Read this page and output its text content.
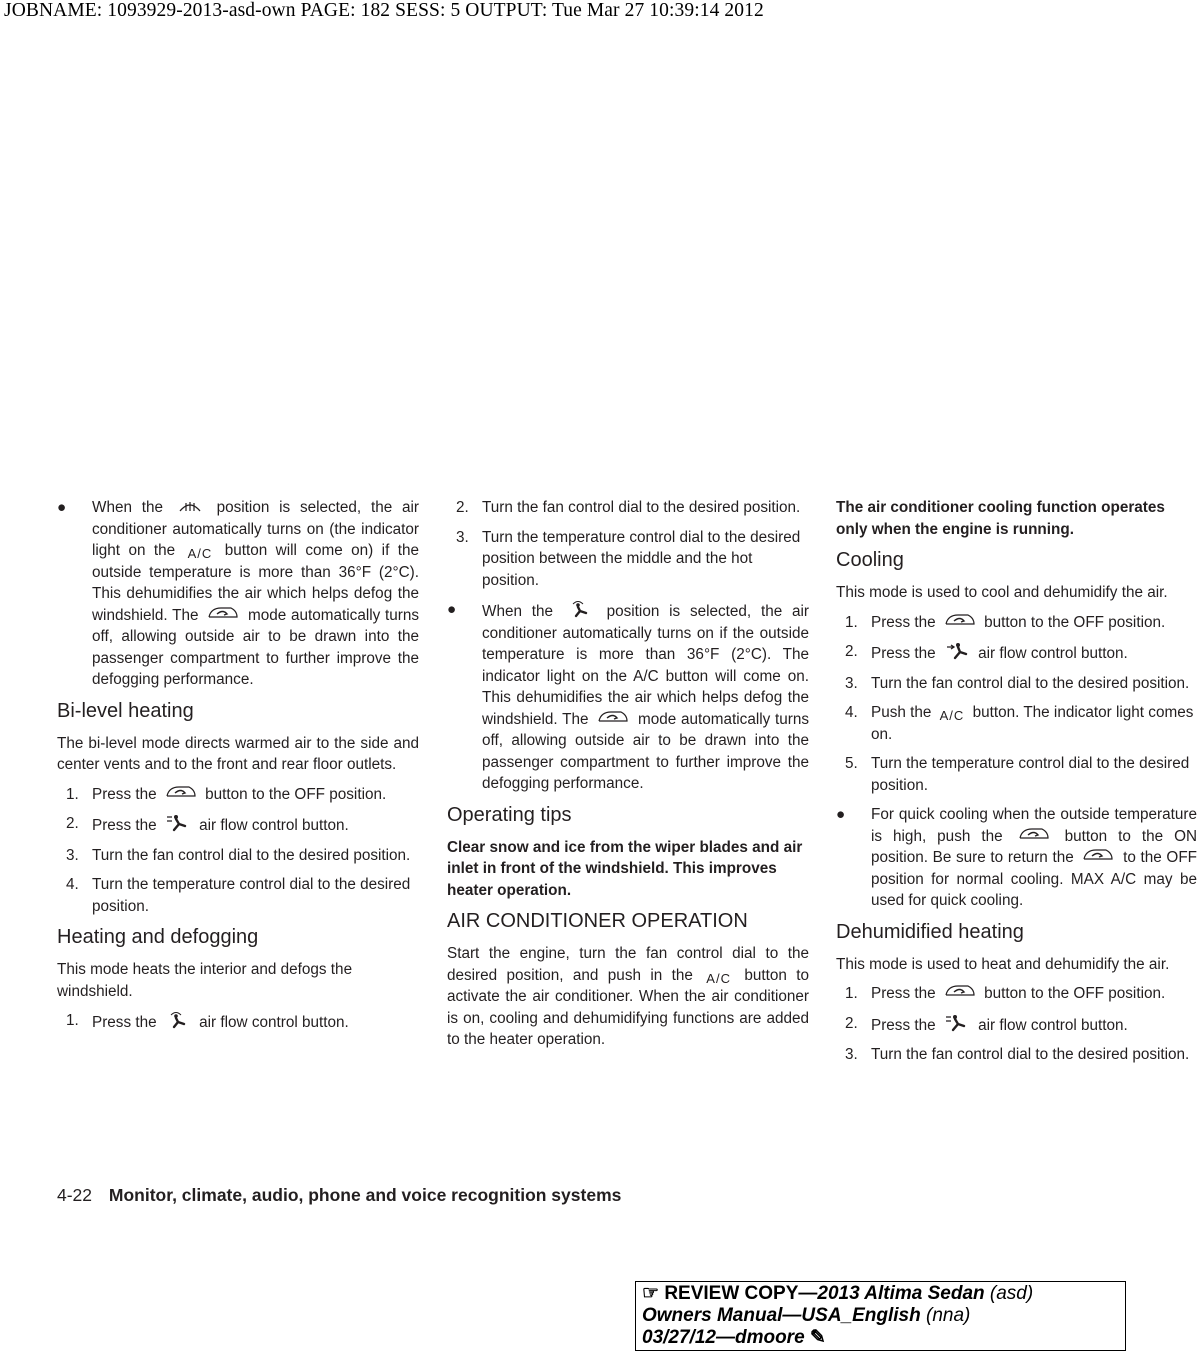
JOBNAME: 1093929-2013-asd-own PAGE: 182 SESS: 5 OUTPUT: Tue Mar 27 10:39:14 2012
● When the	position is selected, the air conditioner automatically turns on (the indicator light on the A/C button will come on) if the outside temperature is more than 36°F (2°C). This dehumidifies the air which helps defog the windshield. The	mode automatically turns off, allowing outside air to be drawn into the passenger compartment to further improve the defogging performance.
Bi-level heating

The bi-level mode directs warmed air to the side and center vents and to the front and rear floor outlets.

1. Press the	button to the OFF position.
2. Press the	air flow control button.
3. Turn the fan control dial to the desired position.
4. Turn the temperature control dial to the desired position.
Heating and defogging

This mode heats the interior and defogs the windshield.

1. Press the	air flow control button.
2. Turn the fan control dial to the desired position.
3. Turn the temperature control dial to the desired position between the middle and the hot position.
● When the	position is selected, the air conditioner automatically turns on if the outside temperature is more than 36°F (2°C). The indicator light on the A/C button will come on. This dehumidifies the air which helps defog the windshield. The	mode automatically turns off, allowing outside air to be drawn into the passenger compartment to further improve the defogging performance.
Operating tips

Clear snow and ice from the wiper blades and air inlet in front of the windshield. This improves heater operation.

AIR CONDITIONER OPERATION

Start the engine, turn the fan control dial to the desired position, and push in the A/C button to activate the air conditioner. When the air conditioner is on, cooling and dehumidifying functions are added to the heater operation.

The air conditioner cooling function operates only when the engine is running.

Cooling

This mode is used to cool and dehumidify the air.

1. Press the	button to the OFF position.
2. Press the	air flow control button.
3. Turn the fan control dial to the desired position.
4. Push the A/C button. The indicator light comes on.
5. Turn the temperature control dial to the desired position.
● For quick cooling when the outside temperature is high, push the	button to the ON position. Be sure to return the	to the OFF position for normal cooling. MAX A/C may be used for quick cooling.
Dehumidified heating

This mode is used to heat and dehumidify the air.

1. Press the	button to the OFF position.
2. Press the	air flow control button.
3. Turn the fan control dial to the desired position.
4-22 Monitor, climate, audio, phone and voice recognition systems
☞ REVIEW COPY—2013 Altima Sedan (asd)
Owners Manual—USA_English (nna)
03/27/12—dmoore ✎
